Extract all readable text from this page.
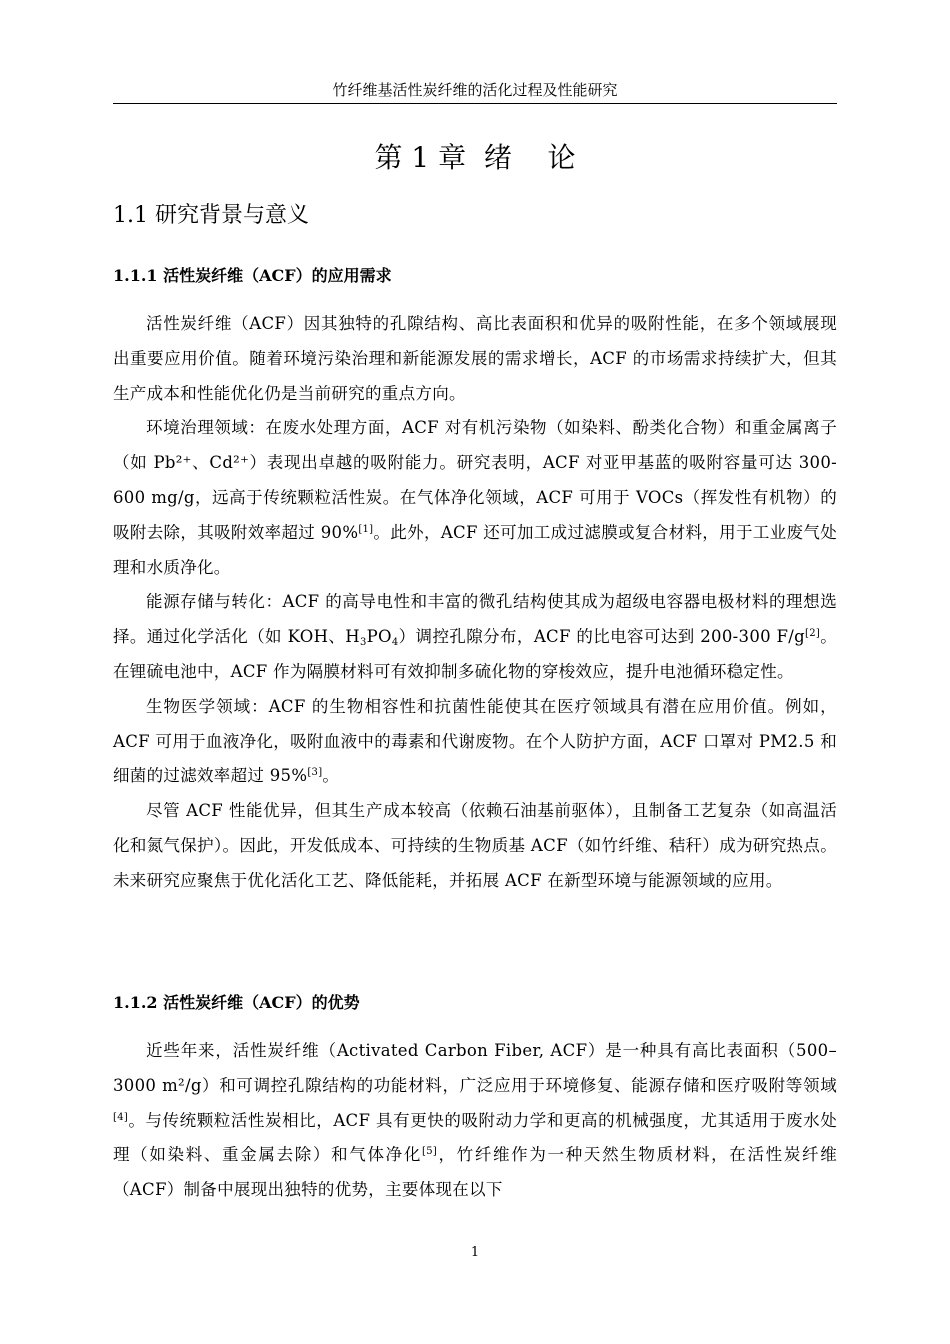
竹纤维基活性炭纤维的活化过程及性能研究
第 1 章  绪    论
1.1 研究背景与意义
1.1.1 活性炭纤维（ACF）的应用需求

活性炭纤维（ACF）因其独特的孔隙结构、高比表面积和优异的吸附性能，在多个领域展现出重要应用价值。随着环境污染治理和新能源发展的需求增长，ACF 的市场需求持续扩大，但其生产成本和性能优化仍是当前研究的重点方向。

环境治理领域：在废水处理方面，ACF 对有机污染物（如染料、酚类化合物）和重金属离子（如 Pb²⁺、Cd²⁺）表现出卓越的吸附能力。研究表明，ACF 对亚甲基蓝的吸附容量可达 300-600 mg/g，远高于传统颗粒活性炭。在气体净化领域，ACF 可用于 VOCs（挥发性有机物）的吸附去除，其吸附效率超过 90%[1]。此外，ACF 还可加工成过滤膜或复合材料，用于工业废气处理和水质净化。

能源存储与转化：ACF 的高导电性和丰富的微孔结构使其成为超级电容器电极材料的理想选择。通过化学活化（如 KOH、$H_3PO_4$）调控孔隙分布，ACF 的比电容可达到 200-300 F/g[2]。在锂硫电池中，ACF 作为隔膜材料可有效抑制多硫化物的穿梭效应，提升电池循环稳定性。

生物医学领域：ACF 的生物相容性和抗菌性能使其在医疗领域具有潜在应用价值。例如，ACF 可用于血液净化，吸附血液中的毒素和代谢废物。在个人防护方面，ACF 口罩对 PM2.5 和细菌的过滤效率超过 95%[3]。

尽管 ACF 性能优异，但其生产成本较高（依赖石油基前驱体），且制备工艺复杂（如高温活化和氮气保护）。因此，开发低成本、可持续的生物质基 ACF（如竹纤维、秸秆）成为研究热点。未来研究应聚焦于优化活化工艺、降低能耗，并拓展 ACF 在新型环境与能源领域的应用。

1.1.2 活性炭纤维（ACF）的优势

近些年来，活性炭纤维（Activated Carbon Fiber, ACF）是一种具有高比表面积（500–3000 m²/g）和可调控孔隙结构的功能材料，广泛应用于环境修复、能源存储和医疗吸附等领域[4]。与传统颗粒活性炭相比，ACF 具有更快的吸附动力学和更高的机械强度，尤其适用于废水处理（如染料、重金属去除）和气体净化[5]，竹纤维作为一种天然生物质材料，在活性炭纤维（ACF）制备中展现出独特的优势，主要体现在以下

1
